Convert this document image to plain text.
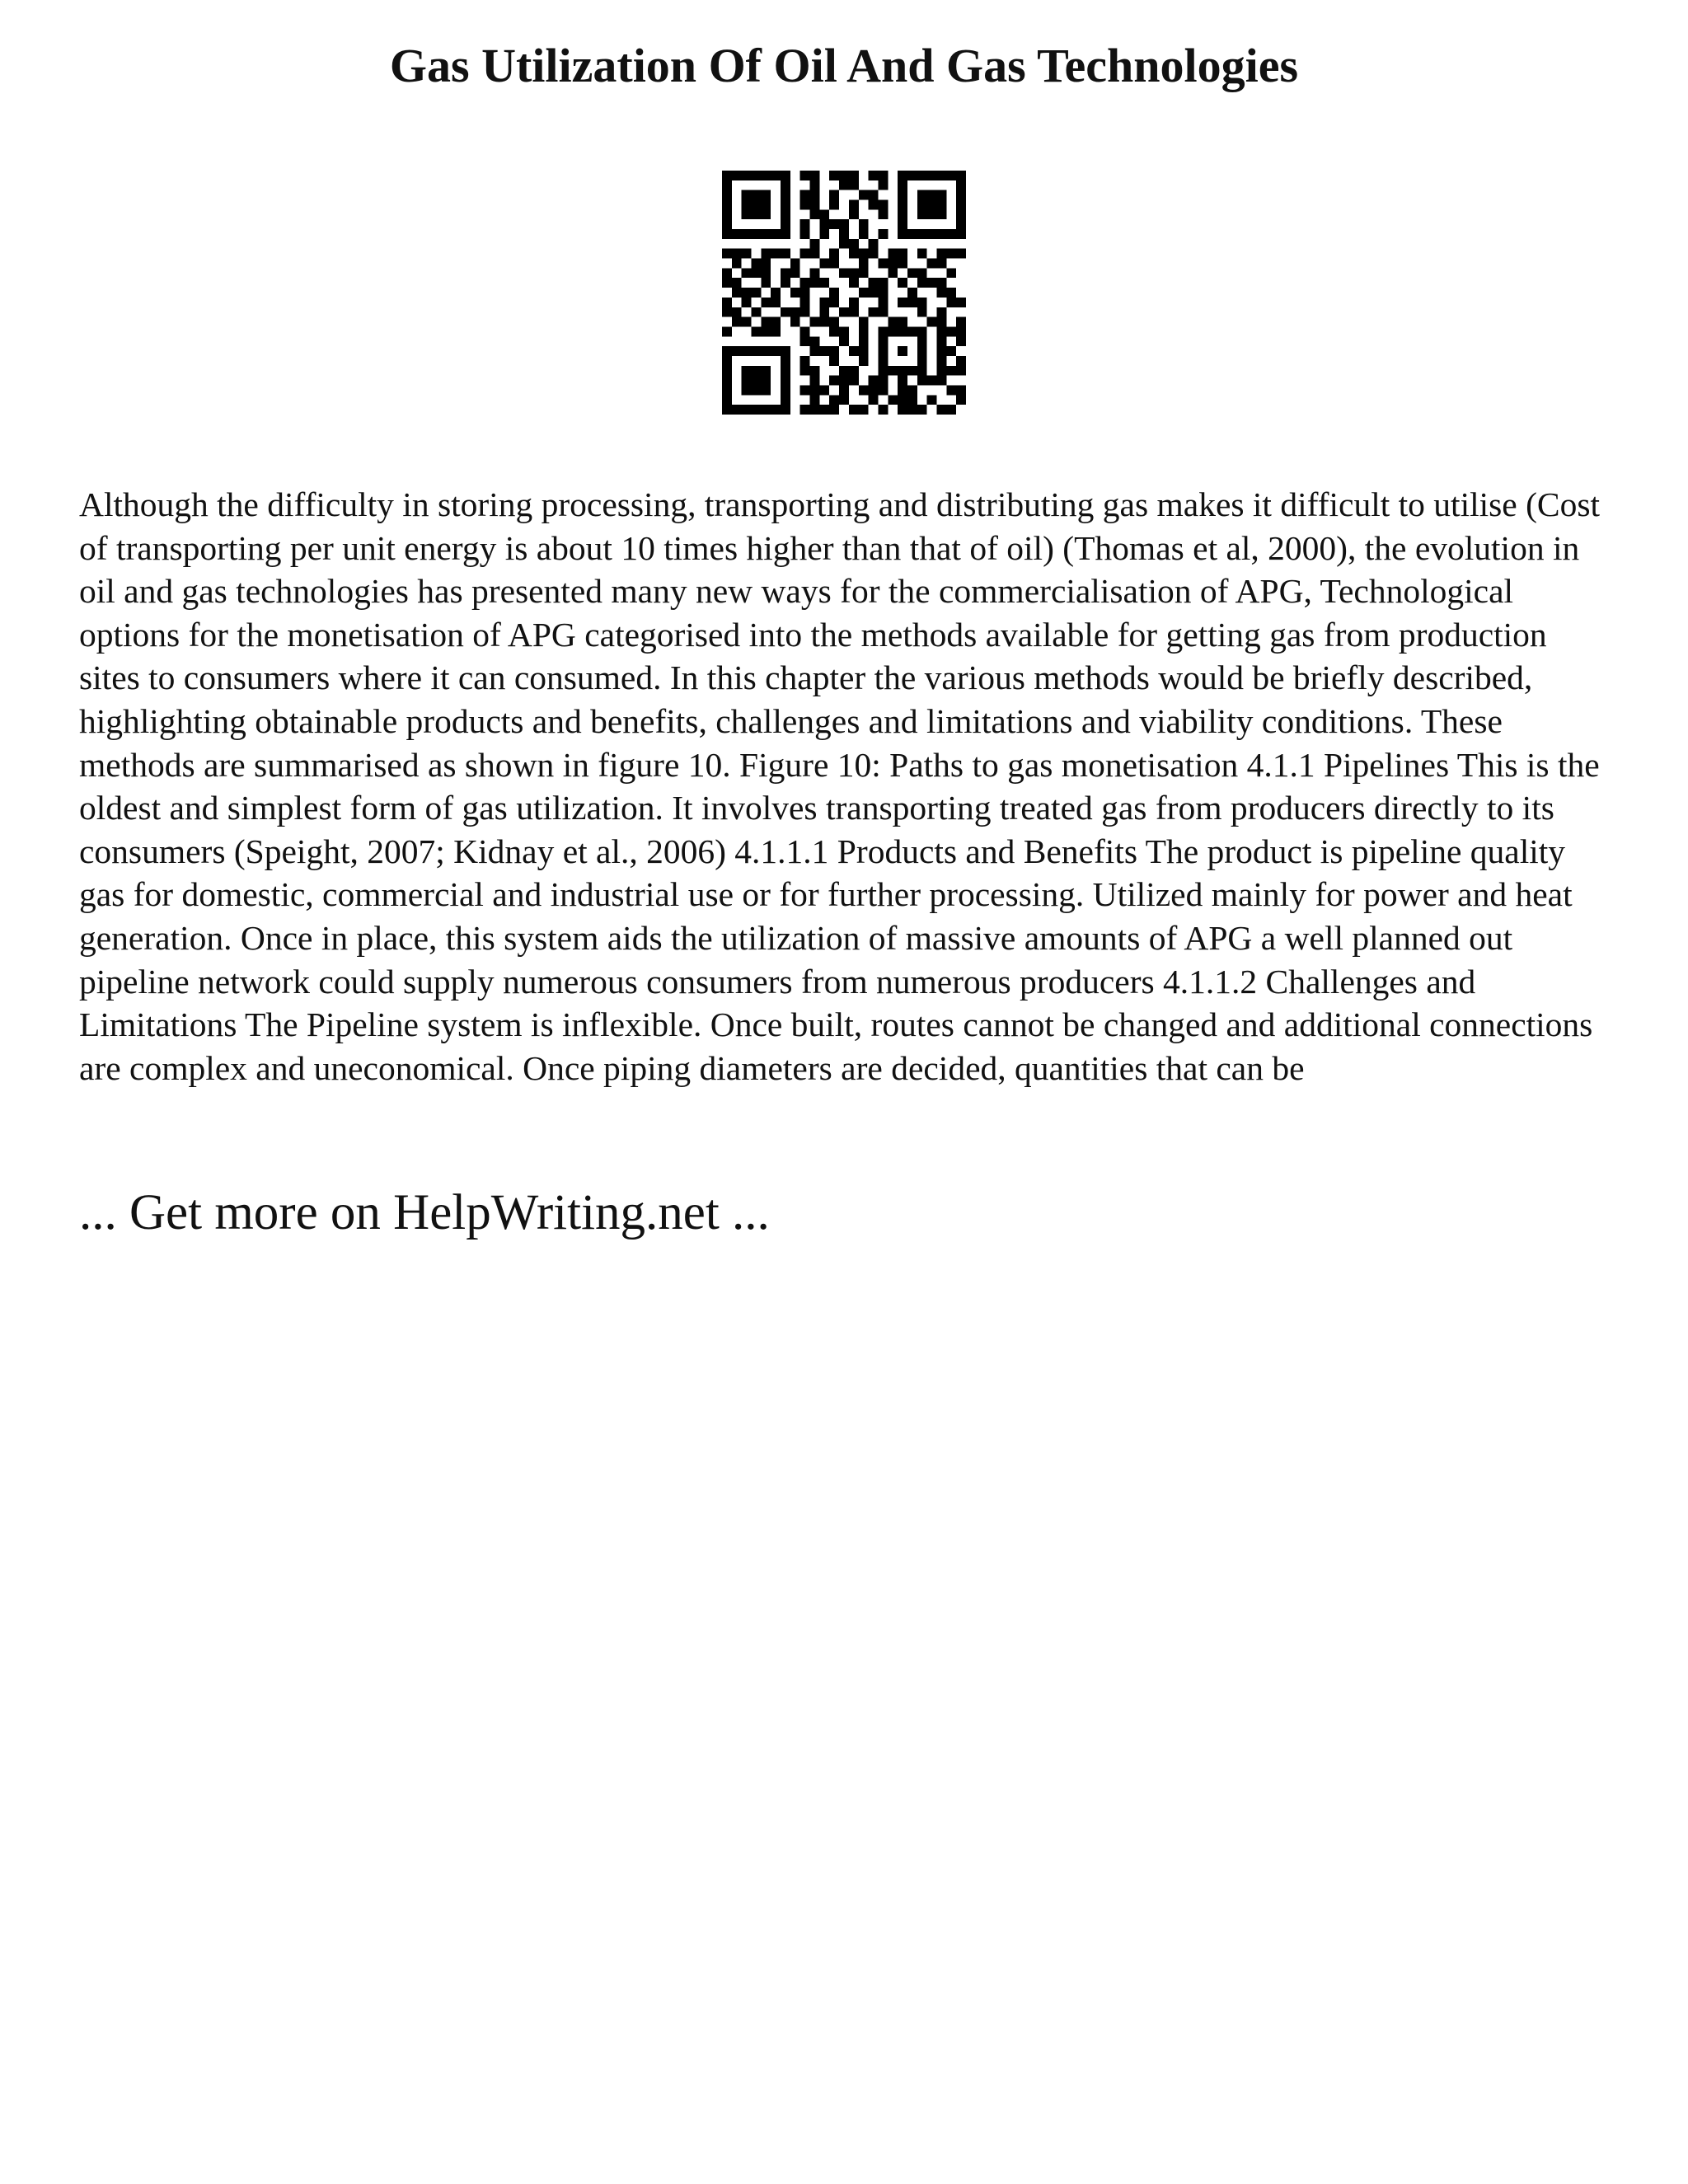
Gas Utilization Of Oil And Gas Technologies

Although the difficulty in storing processing, transporting and distributing gas makes it difficult to utilise (Cost of transporting per unit energy is about 10 times higher than that of oil) (Thomas et al, 2000), the evolution in oil and gas technologies has presented many new ways for the commercialisation of APG, Technological options for the monetisation of APG categorised into the methods available for getting gas from production sites to consumers where it can consumed. In this chapter the various methods would be briefly described, highlighting obtainable products and benefits, challenges and limitations and viability conditions. These methods are summarised as shown in figure 10. Figure 10: Paths to gas monetisation 4.1.1 Pipelines This is the oldest and simplest form of gas utilization. It involves transporting treated gas from producers directly to its consumers (Speight, 2007; Kidnay et al., 2006) 4.1.1.1 Products and Benefits The product is pipeline quality gas for domestic, commercial and industrial use or for further processing. Utilized mainly for power and heat generation. Once in place, this system aids the utilization of massive amounts of APG a well planned out pipeline network could supply numerous consumers from numerous producers 4.1.1.2 Challenges and Limitations The Pipeline system is inflexible. Once built, routes cannot be changed and additional connections are complex and uneconomical. Once piping diameters are decided, quantities that can be

... Get more on HelpWriting.net ...
